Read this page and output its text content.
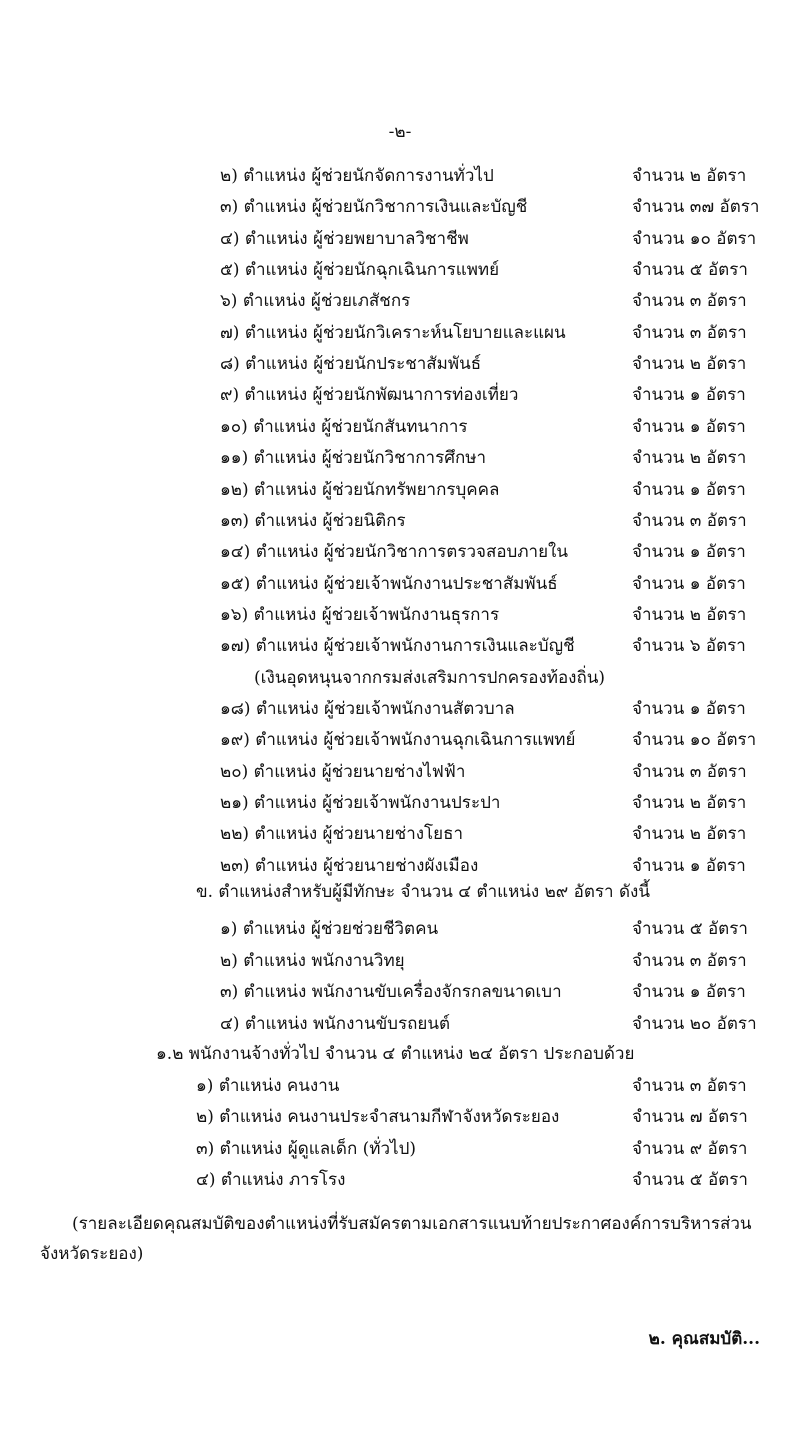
-๒-
๒) ตำแหน่ง ผู้ช่วยนักจัดการงานทั่วไป	จำนวน ๒ อัตรา
๓) ตำแหน่ง ผู้ช่วยนักวิชาการเงินและบัญชี	จำนวน ๓๗ อัตรา
๔) ตำแหน่ง ผู้ช่วยพยาบาลวิชาชีพ	จำนวน ๑๐ อัตรา
๕) ตำแหน่ง ผู้ช่วยนักฉุกเฉินการแพทย์	จำนวน ๕ อัตรา
๖) ตำแหน่ง ผู้ช่วยเภสัชกร	จำนวน ๓ อัตรา
๗) ตำแหน่ง ผู้ช่วยนักวิเคราะห์นโยบายและแผน	จำนวน ๓ อัตรา
๘) ตำแหน่ง ผู้ช่วยนักประชาสัมพันธ์	จำนวน ๒ อัตรา
๙) ตำแหน่ง ผู้ช่วยนักพัฒนาการท่องเที่ยว	จำนวน ๑ อัตรา
๑๐) ตำแหน่ง ผู้ช่วยนักสันทนาการ	จำนวน ๑ อัตรา
๑๑) ตำแหน่ง ผู้ช่วยนักวิชาการศึกษา	จำนวน ๒ อัตรา
๑๒) ตำแหน่ง ผู้ช่วยนักทรัพยากรบุคคล	จำนวน ๑ อัตรา
๑๓) ตำแหน่ง ผู้ช่วยนิติกร	จำนวน ๓ อัตรา
๑๔) ตำแหน่ง ผู้ช่วยนักวิชาการตรวจสอบภายใน	จำนวน ๑ อัตรา
๑๕) ตำแหน่ง ผู้ช่วยเจ้าพนักงานประชาสัมพันธ์	จำนวน ๑ อัตรา
๑๖) ตำแหน่ง ผู้ช่วยเจ้าพนักงานธุรการ	จำนวน ๒ อัตรา
๑๗) ตำแหน่ง ผู้ช่วยเจ้าพนักงานการเงินและบัญชี	จำนวน ๖ อัตรา
(เงินอุดหนุนจากกรมส่งเสริมการปกครองท้องถิ่น)
๑๘) ตำแหน่ง ผู้ช่วยเจ้าพนักงานสัตวบาล	จำนวน ๑ อัตรา
๑๙) ตำแหน่ง ผู้ช่วยเจ้าพนักงานฉุกเฉินการแพทย์	จำนวน ๑๐ อัตรา
๒๐) ตำแหน่ง ผู้ช่วยนายช่างไฟฟ้า	จำนวน ๓ อัตรา
๒๑) ตำแหน่ง ผู้ช่วยเจ้าพนักงานประปา	จำนวน ๒ อัตรา
๒๒) ตำแหน่ง ผู้ช่วยนายช่างโยธา	จำนวน ๒ อัตรา
๒๓) ตำแหน่ง ผู้ช่วยนายช่างผังเมือง	จำนวน ๑ อัตรา
ข. ตำแหน่งสำหรับผู้มีทักษะ จำนวน ๔ ตำแหน่ง ๒๙ อัตรา ดังนี้
๑) ตำแหน่ง ผู้ช่วยช่วยชีวิตคน	จำนวน ๕ อัตรา
๒) ตำแหน่ง พนักงานวิทยุ	จำนวน ๓ อัตรา
๓) ตำแหน่ง พนักงานขับเครื่องจักรกลขนาดเบา	จำนวน ๑ อัตรา
๔) ตำแหน่ง พนักงานขับรถยนต์	จำนวน ๒๐ อัตรา
๑.๒ พนักงานจ้างทั่วไป จำนวน ๔ ตำแหน่ง ๒๔ อัตรา ประกอบด้วย
๑) ตำแหน่ง คนงาน	จำนวน ๓ อัตรา
๒) ตำแหน่ง คนงานประจำสนามกีฬาจังหวัดระยอง	จำนวน ๗ อัตรา
๓) ตำแหน่ง ผู้ดูแลเด็ก (ทั่วไป)	จำนวน ๙ อัตรา
๔) ตำแหน่ง ภารโรง	จำนวน ๕ อัตรา
(รายละเอียดคุณสมบัติของตำแหน่งที่รับสมัครตามเอกสารแนบท้ายประกาศองค์การบริหารส่วน
จังหวัดระยอง)
๒. คุณสมบัติ...
